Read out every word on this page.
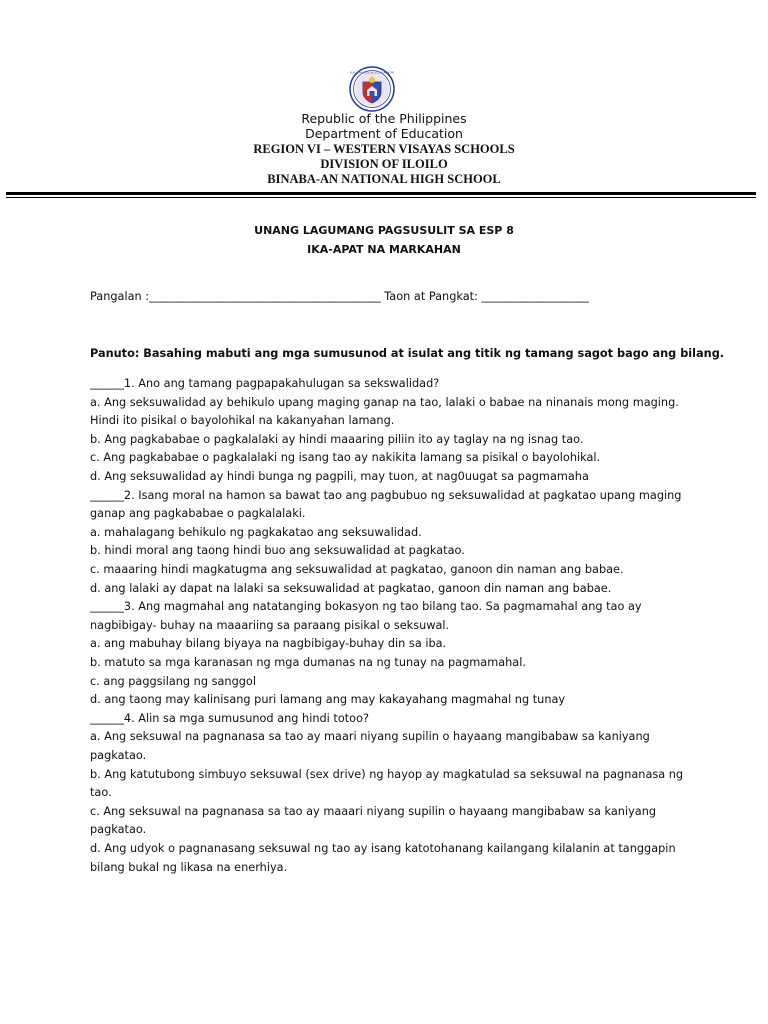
KAGAWARAN NG EDUKASYON
Republic of the Philippines
Department of Education
REGION VI – WESTERN VISAYAS SCHOOLS
DIVISION OF ILOILO
BINABA-AN NATIONAL HIGH SCHOOL
UNANG LAGUMANG PAGSUSULIT SA ESP 8
IKA-APAT NA MARKAHAN
Pangalan :_________________________________________ Taon at Pangkat: ___________________
Panuto: Basahing mabuti ang mga sumusunod at isulat ang titik ng tamang sagot bago ang bilang.
______1. Ano ang tamang pagpapakahulugan sa sekswalidad?
a. Ang seksuwalidad ay behikulo upang maging ganap na tao, lalaki o babae na ninanais mong maging.
Hindi ito pisikal o bayolohikal na kakanyahan lamang.
b. Ang pagkababae o pagkalalaki ay hindi maaaring piliin ito ay taglay na ng isnag tao.
c. Ang pagkababae o pagkalalaki ng isang tao ay nakikita lamang sa pisikal o bayolohikal.
d. Ang seksuwalidad ay hindi bunga ng pagpili, may tuon, at nag0uugat sa pagmamaha
______2. Isang moral na hamon sa bawat tao ang pagbubuo ng seksuwalidad at pagkatao upang maging
ganap ang pagkababae o pagkalalaki.
a. mahalagang behikulo ng pagkakatao ang seksuwalidad.
b. hindi moral ang taong hindi buo ang seksuwalidad at pagkatao.
c. maaaring hindi magkatugma ang seksuwalidad at pagkatao, ganoon din naman ang babae.
d. ang lalaki ay dapat na lalaki sa seksuwalidad at pagkatao, ganoon din naman ang babae.
______3. Ang magmahal ang natatanging bokasyon ng tao bilang tao. Sa pagmamahal ang tao ay
nagbibigay- buhay na maaariing sa paraang pisikal o seksuwal.
a. ang mabuhay bilang biyaya na nagbibigay-buhay din sa iba.
b. matuto sa mga karanasan ng mga dumanas na ng tunay na pagmamahal.
c. ang paggsilang ng sanggol
d. ang taong may kalinisang puri lamang ang may kakayahang magmahal ng tunay
______4. Alin sa mga sumusunod ang hindi totoo?
a. Ang seksuwal na pagnanasa sa tao ay maari niyang supilin o hayaang mangibabaw sa kaniyang
pagkatao.
b. Ang katutubong simbuyo seksuwal (sex drive) ng hayop ay magkatulad sa seksuwal na pagnanasa ng
tao.
c. Ang seksuwal na pagnanasa sa tao ay maaari niyang supilin o hayaang mangibabaw sa kaniyang
pagkatao.
d. Ang udyok o pagnanasang seksuwal ng tao ay isang katotohanang kailangang kilalanin at tanggapin
bilang bukal ng likasa na enerhiya.
